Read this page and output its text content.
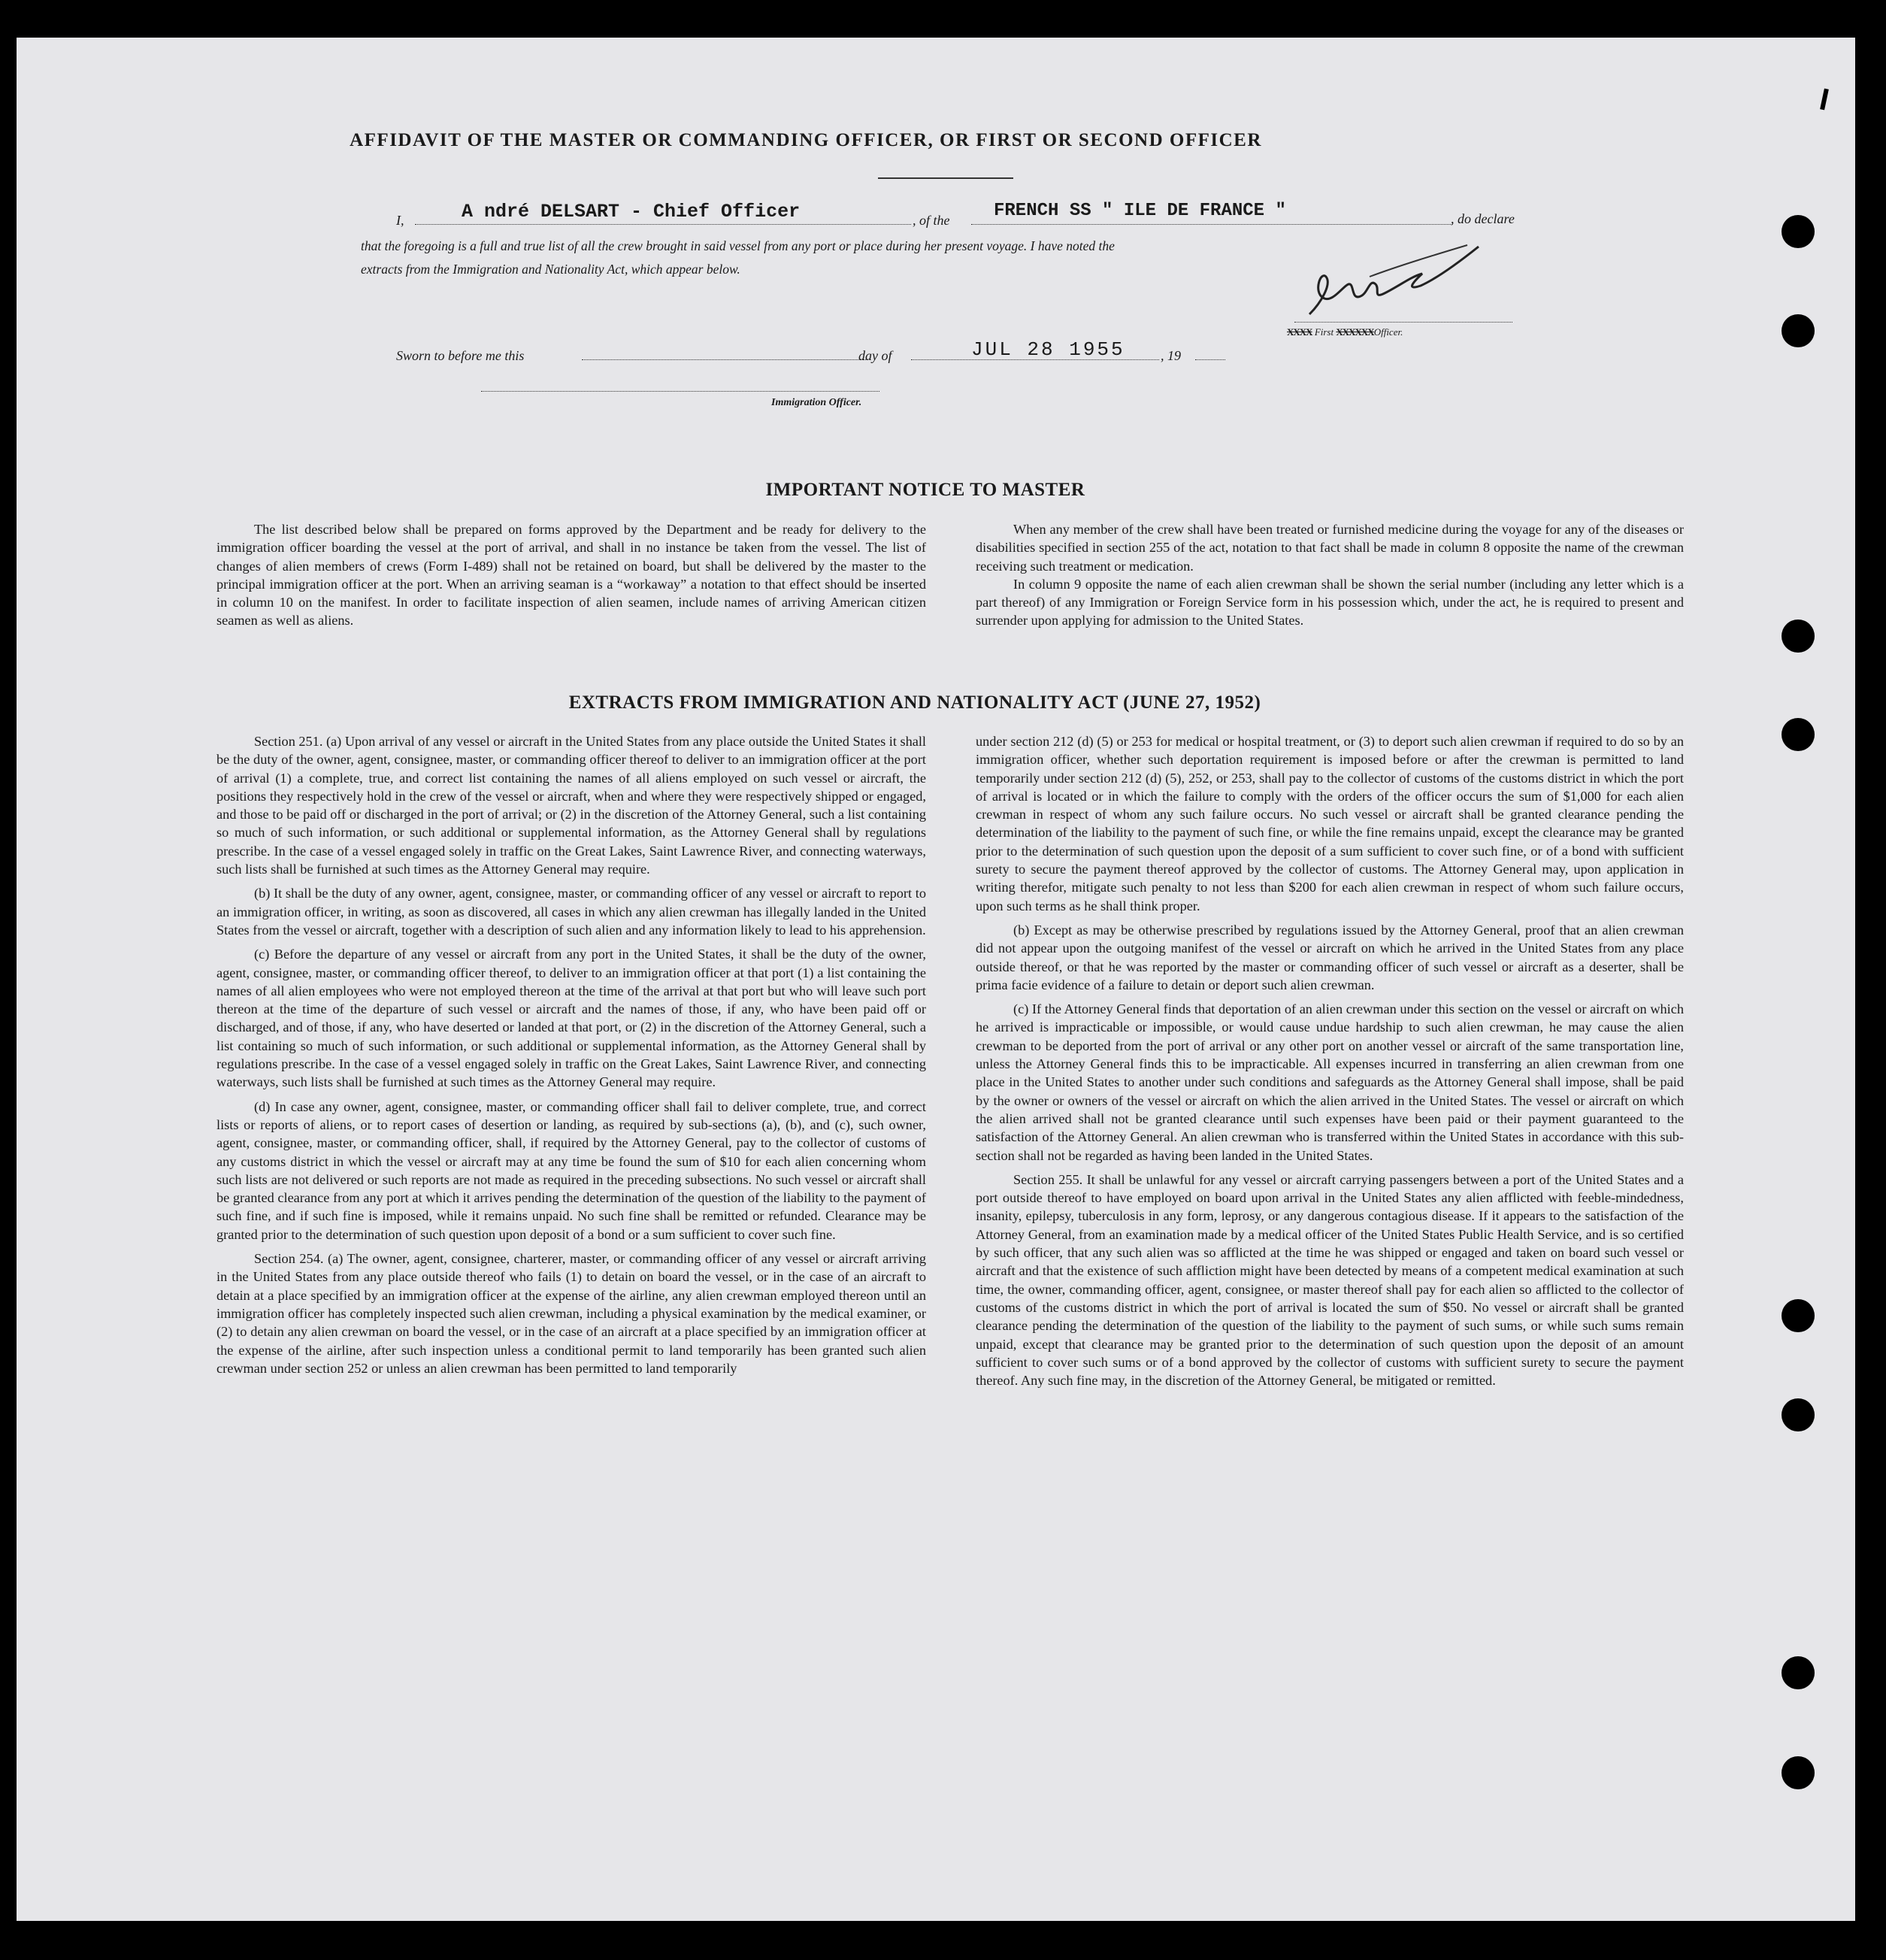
AFFIDAVIT OF THE MASTER OR COMMANDING OFFICER, OR FIRST OR SECOND OFFICER
I,	A ndré DELSART - Chief Officer	, of the FRENCH SS " ILE DE FRANCE "	, do declare
that the foregoing is a full and true list of all the crew brought in said vessel from any port or place during her present voyage. I have noted the
extracts from the Immigration and Nationality Act, which appear below.
XXXX First XXXXXXOfficer.
Sworn to before me this	day of	JUL 28 1955	, 19
Immigration Officer.
IMPORTANT NOTICE TO MASTER

The list described below shall be prepared on forms approved by the Department and be ready for delivery to the immigration officer boarding the vessel at the port of arrival, and shall in no instance be taken from the vessel. The list of changes of alien members of crews (Form I-489) shall not be retained on board, but shall be delivered by the master to the principal immigration officer at the port. When an arriving seaman is a “workaway” a notation to that effect should be inserted in column 10 on the manifest. In order to facilitate inspection of alien seamen, include names of arriving American citizen seamen as well as aliens.

When any member of the crew shall have been treated or furnished medicine during the voyage for any of the diseases or disabilities specified in section 255 of the act, notation to that fact shall be made in column 8 opposite the name of the crewman receiving such treatment or medication.

In column 9 opposite the name of each alien crewman shall be shown the serial number (including any letter which is a part thereof) of any Immigration or Foreign Service form in his possession which, under the act, he is required to present and surrender upon applying for admission to the United States.

EXTRACTS FROM IMMIGRATION AND NATIONALITY ACT (JUNE 27, 1952)

Section 251. (a) Upon arrival of any vessel or aircraft in the United States from any place outside the United States it shall be the duty of the owner, agent, consignee, master, or commanding officer thereof to deliver to an immigration officer at the port of arrival (1) a complete, true, and correct list containing the names of all aliens employed on such vessel or aircraft, the positions they respectively hold in the crew of the vessel or aircraft, when and where they were respectively shipped or engaged, and those to be paid off or discharged in the port of arrival; or (2) in the discretion of the Attorney General, such a list containing so much of such information, or such additional or supplemental information, as the Attorney General shall by regulations prescribe. In the case of a vessel engaged solely in traffic on the Great Lakes, Saint Lawrence River, and connecting waterways, such lists shall be furnished at such times as the Attorney General may require.

(b) It shall be the duty of any owner, agent, consignee, master, or commanding officer of any vessel or aircraft to report to an immigration officer, in writing, as soon as discovered, all cases in which any alien crewman has illegally landed in the United States from the vessel or aircraft, together with a description of such alien and any information likely to lead to his apprehension.

(c) Before the departure of any vessel or aircraft from any port in the United States, it shall be the duty of the owner, agent, consignee, master, or commanding officer thereof, to deliver to an immigration officer at that port (1) a list containing the names of all alien employees who were not employed thereon at the time of the arrival at that port but who will leave such port thereon at the time of the departure of such vessel or aircraft and the names of those, if any, who have been paid off or discharged, and of those, if any, who have deserted or landed at that port, or (2) in the discretion of the Attorney General, such a list containing so much of such information, or such additional or supplemental information, as the Attorney General shall by regulations prescribe. In the case of a vessel engaged solely in traffic on the Great Lakes, Saint Lawrence River, and connecting waterways, such lists shall be furnished at such times as the Attorney General may require.

(d) In case any owner, agent, consignee, master, or commanding officer shall fail to deliver complete, true, and correct lists or reports of aliens, or to report cases of desertion or landing, as required by sub-sections (a), (b), and (c), such owner, agent, consignee, master, or commanding officer, shall, if required by the Attorney General, pay to the collector of customs of any customs district in which the vessel or aircraft may at any time be found the sum of $10 for each alien concerning whom such lists are not delivered or such reports are not made as required in the preceding subsections. No such vessel or aircraft shall be granted clearance from any port at which it arrives pending the determination of the question of the liability to the payment of such fine, and if such fine is imposed, while it remains unpaid. No such fine shall be remitted or refunded. Clearance may be granted prior to the determination of such question upon deposit of a bond or a sum sufficient to cover such fine.

Section 254. (a) The owner, agent, consignee, charterer, master, or commanding officer of any vessel or aircraft arriving in the United States from any place outside thereof who fails (1) to detain on board the vessel, or in the case of an aircraft to detain at a place specified by an immigration officer at the expense of the airline, any alien crewman employed thereon until an immigration officer has completely inspected such alien crewman, including a physical examination by the medical examiner, or (2) to detain any alien crewman on board the vessel, or in the case of an aircraft at a place specified by an immigration officer at the expense of the airline, after such inspection unless a conditional permit to land temporarily has been granted such alien crewman under section 252 or unless an alien crewman has been permitted to land temporarily

under section 212 (d) (5) or 253 for medical or hospital treatment, or (3) to deport such alien crewman if required to do so by an immigration officer, whether such deportation requirement is imposed before or after the crewman is permitted to land temporarily under section 212 (d) (5), 252, or 253, shall pay to the collector of customs of the customs district in which the port of arrival is located or in which the failure to comply with the orders of the officer occurs the sum of $1,000 for each alien crewman in respect of whom any such failure occurs. No such vessel or aircraft shall be granted clearance pending the determination of the liability to the payment of such fine, or while the fine remains unpaid, except the clearance may be granted prior to the determination of such question upon the deposit of a sum sufficient to cover such fine, or of a bond with sufficient surety to secure the payment thereof approved by the collector of customs. The Attorney General may, upon application in writing therefor, mitigate such penalty to not less than $200 for each alien crewman in respect of whom such failure occurs, upon such terms as he shall think proper.

(b) Except as may be otherwise prescribed by regulations issued by the Attorney General, proof that an alien crewman did not appear upon the outgoing manifest of the vessel or aircraft on which he arrived in the United States from any place outside thereof, or that he was reported by the master or commanding officer of such vessel or aircraft as a deserter, shall be prima facie evidence of a failure to detain or deport such alien crewman.

(c) If the Attorney General finds that deportation of an alien crewman under this section on the vessel or aircraft on which he arrived is impracticable or impossible, or would cause undue hardship to such alien crewman, he may cause the alien crewman to be deported from the port of arrival or any other port on another vessel or aircraft of the same transportation line, unless the Attorney General finds this to be impracticable. All expenses incurred in transferring an alien crewman from one place in the United States to another under such conditions and safeguards as the Attorney General shall impose, shall be paid by the owner or owners of the vessel or aircraft on which the alien arrived in the United States. The vessel or aircraft on which the alien arrived shall not be granted clearance until such expenses have been paid or their payment guaranteed to the satisfaction of the Attorney General. An alien crewman who is transferred within the United States in accordance with this sub-section shall not be regarded as having been landed in the United States.

Section 255. It shall be unlawful for any vessel or aircraft carrying passengers between a port of the United States and a port outside thereof to have employed on board upon arrival in the United States any alien afflicted with feeble-mindedness, insanity, epilepsy, tuberculosis in any form, leprosy, or any dangerous contagious disease. If it appears to the satisfaction of the Attorney General, from an examination made by a medical officer of the United States Public Health Service, and is so certified by such officer, that any such alien was so afflicted at the time he was shipped or engaged and taken on board such vessel or aircraft and that the existence of such affliction might have been detected by means of a competent medical examination at such time, the owner, commanding officer, agent, consignee, or master thereof shall pay for each alien so afflicted to the collector of customs of the customs district in which the port of arrival is located the sum of $50. No vessel or aircraft shall be granted clearance pending the determination of the question of the liability to the payment of such sums, or while such sums remain unpaid, except that clearance may be granted prior to the determination of such question upon the deposit of an amount sufficient to cover such sums or of a bond approved by the collector of customs with sufficient surety to secure the payment thereof. Any such fine may, in the discretion of the Attorney General, be mitigated or remitted.
